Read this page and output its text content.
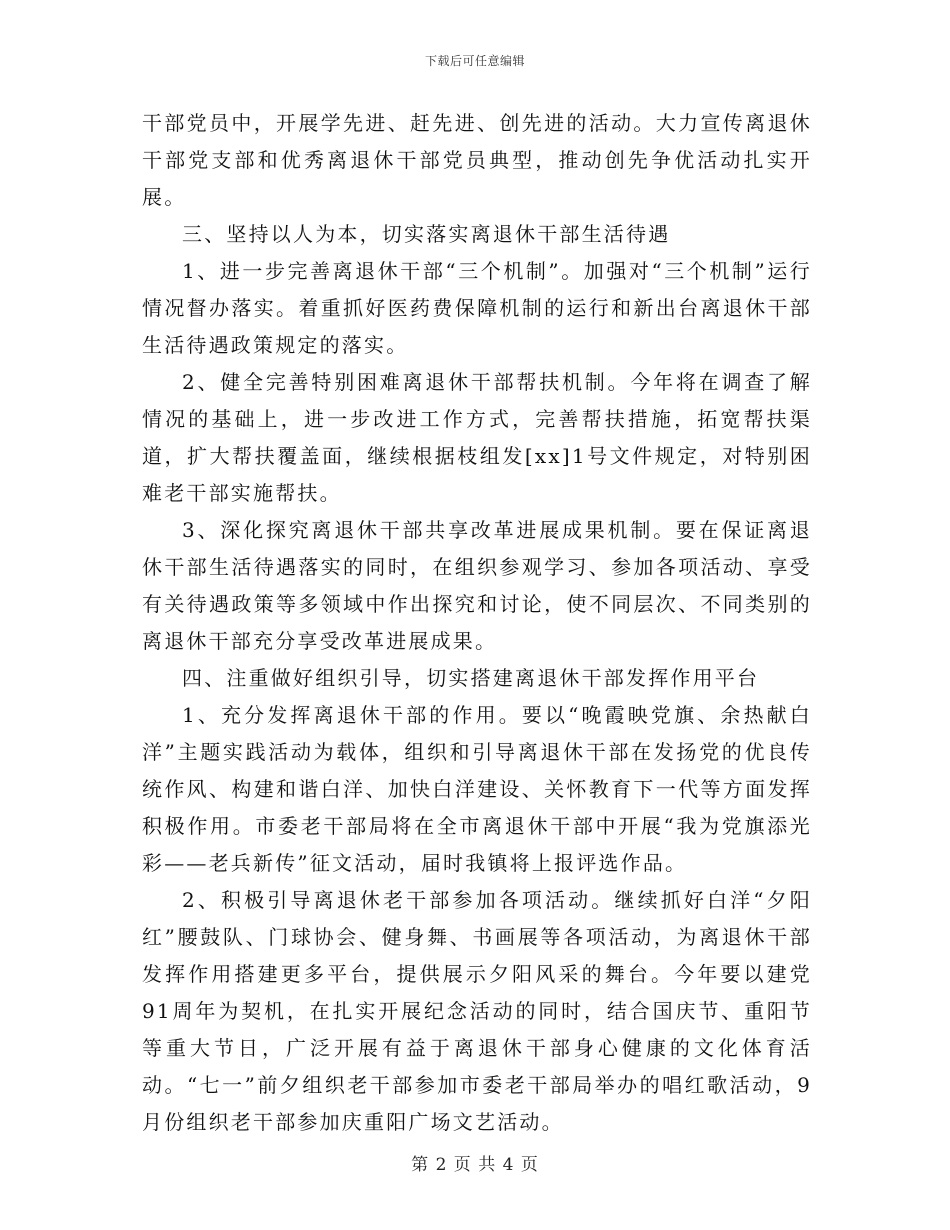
下载后可任意编辑

干部党员中，开展学先进、赶先进、创先进的活动。大力宣传离退休干部党支部和优秀离退休干部党员典型，推动创先争优活动扎实开展。

三、坚持以人为本，切实落实离退休干部生活待遇

1、进一步完善离退休干部“三个机制”。加强对“三个机制”运行情况督办落实。着重抓好医药费保障机制的运行和新出台离退休干部生活待遇政策规定的落实。

2、健全完善特别困难离退休干部帮扶机制。今年将在调查了解情况的基础上，进一步改进工作方式，完善帮扶措施，拓宽帮扶渠道，扩大帮扶覆盖面，继续根据枝组发[xx]1号文件规定，对特别困难老干部实施帮扶。

3、深化探究离退休干部共享改革进展成果机制。要在保证离退休干部生活待遇落实的同时，在组织参观学习、参加各项活动、享受有关待遇政策等多领域中作出探究和讨论，使不同层次、不同类别的离退休干部充分享受改革进展成果。

四、注重做好组织引导，切实搭建离退休干部发挥作用平台

1、充分发挥离退休干部的作用。要以“晚霞映党旗、余热献白洋”主题实践活动为载体，组织和引导离退休干部在发扬党的优良传统作风、构建和谐白洋、加快白洋建设、关怀教育下一代等方面发挥积极作用。市委老干部局将在全市离退休干部中开展“我为党旗添光彩——老兵新传”征文活动，届时我镇将上报评选作品。

2、积极引导离退休老干部参加各项活动。继续抓好白洋“夕阳红”腰鼓队、门球协会、健身舞、书画展等各项活动，为离退休干部发挥作用搭建更多平台，提供展示夕阳风采的舞台。今年要以建党91周年为契机，在扎实开展纪念活动的同时，结合国庆节、重阳节等重大节日，广泛开展有益于离退休干部身心健康的文化体育活动。“七一”前夕组织老干部参加市委老干部局举办的唱红歌活动，9月份组织老干部参加庆重阳广场文艺活动。

第 2 页 共 4 页
